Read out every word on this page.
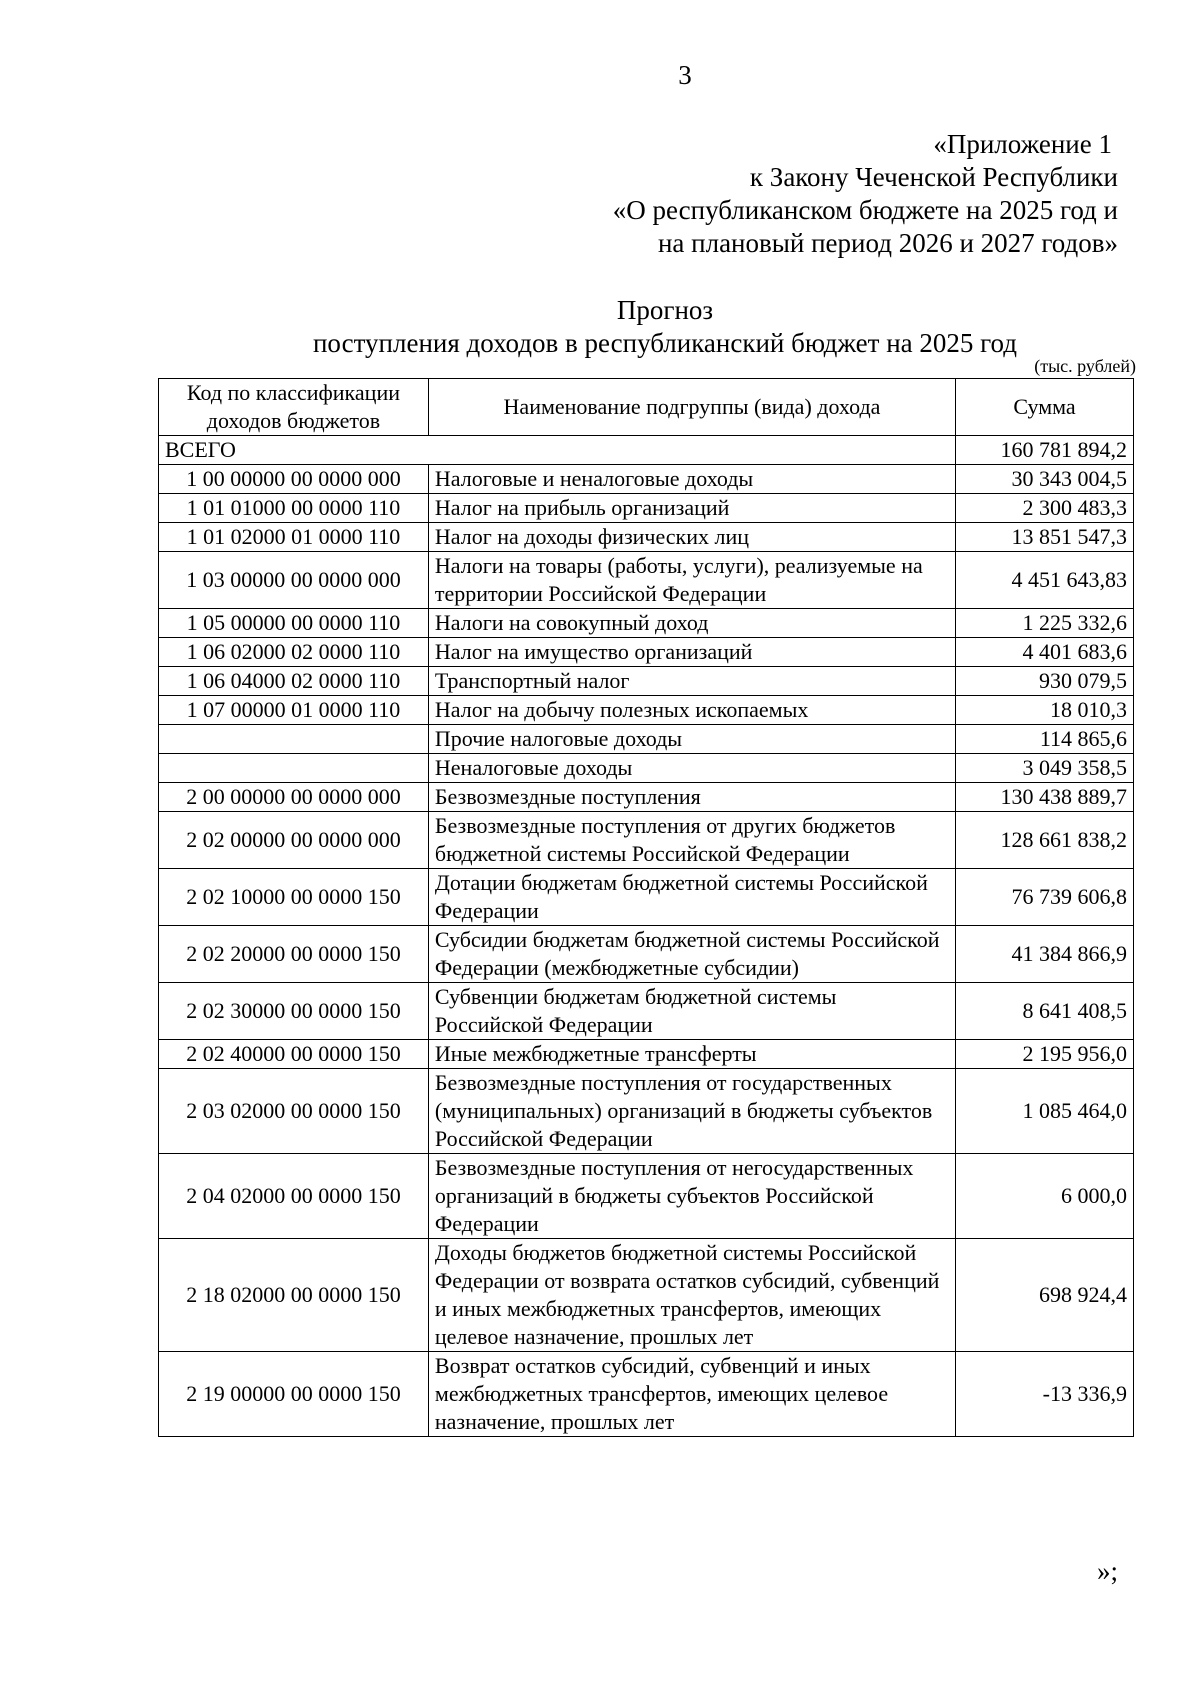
3
«Приложение 1
к Закону Чеченской Республики
«О республиканском бюджете на 2025 год и
на плановый период 2026 и 2027 годов»
Прогноз
поступления доходов в республиканский бюджет на 2025 год
(тыс. рублей)
Код по классификации доходов бюджетов	Наименование подгруппы (вида) дохода	Сумма
ВСЕГО		160 781 894,2
1 00 00000 00 0000 000	Налоговые и неналоговые доходы	30 343 004,5
1 01 01000 00 0000 110	Налог на прибыль организаций	2 300 483,3
1 01 02000 01 0000 110	Налог на доходы физических лиц	13 851 547,3
1 03 00000 00 0000 000	Налоги на товары (работы, услуги), реализуемые на территории Российской Федерации	4 451 643,83
1 05 00000 00 0000 110	Налоги на совокупный доход	1 225 332,6
1 06 02000 02 0000 110	Налог на имущество организаций	4 401 683,6
1 06 04000 02 0000 110	Транспортный налог	930 079,5
1 07 00000 01 0000 110	Налог на добычу полезных ископаемых	18 010,3
	Прочие налоговые доходы	114 865,6
	Неналоговые доходы	3 049 358,5
2 00 00000 00 0000 000	Безвозмездные поступления	130 438 889,7
2 02 00000 00 0000 000	Безвозмездные поступления от других бюджетов бюджетной системы Российской Федерации	128 661 838,2
2 02 10000 00 0000 150	Дотации бюджетам бюджетной системы Российской Федерации	76 739 606,8
2 02 20000 00 0000 150	Субсидии бюджетам бюджетной системы Российской Федерации (межбюджетные субсидии)	41 384 866,9
2 02 30000 00 0000 150	Субвенции бюджетам бюджетной системы Российской Федерации	8 641 408,5
2 02 40000 00 0000 150	Иные межбюджетные трансферты	2 195 956,0
2 03 02000 00 0000 150	Безвозмездные поступления от государственных (муниципальных) организаций в бюджеты субъектов Российской Федерации	1 085 464,0
2 04 02000 00 0000 150	Безвозмездные поступления от негосударственных организаций в бюджеты субъектов Российской Федерации	6 000,0
2 18 02000 00 0000 150	Доходы бюджетов бюджетной системы Российской Федерации от возврата остатков субсидий, субвенций и иных межбюджетных трансфертов, имеющих целевое назначение, прошлых лет	698 924,4
2 19 00000 00 0000 150	Возврат остатков субсидий, субвенций и иных межбюджетных трансфертов, имеющих целевое назначение, прошлых лет	-13 336,9
»;
